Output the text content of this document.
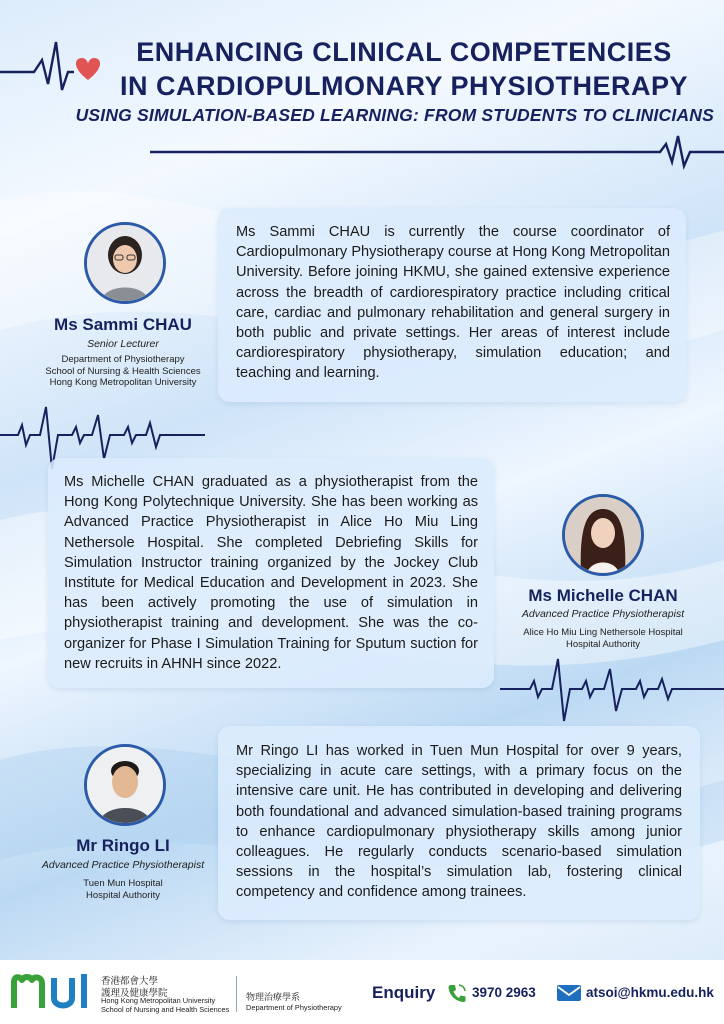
ENHANCING CLINICAL COMPETENCIES
IN CARDIOPULMONARY PHYSIOTHERAPY
USING SIMULATION-BASED LEARNING: FROM STUDENTS TO CLINICIANS

Ms Sammi CHAU is currently the course coordinator of Cardiopulmonary Physiotherapy course at Hong Kong Metropolitan University. Before joining HKMU, she gained extensive experience across the breadth of cardiorespiratory practice including critical care, cardiac and pulmonary rehabilitation and general surgery in both public and private settings. Her areas of interest include cardiorespiratory physiotherapy, simulation education; and teaching and learning.

Ms Sammi CHAU
Senior Lecturer
Department of Physiotherapy
School of Nursing & Health Sciences
Hong Kong Metropolitan University

Ms Michelle CHAN graduated as a physiotherapist from the Hong Kong Polytechnique University. She has been working as Advanced Practice Physiotherapist in Alice Ho Miu Ling Nethersole Hospital. She completed Debriefing Skills for Simulation Instructor training organized by the Jockey Club Institute for Medical Education and Development in 2023. She has been actively promoting the use of simulation in physiotherapist training and development. She was the co-organizer for Phase I Simulation Training for Sputum suction for new recruits in AHNH since 2022.

Ms Michelle CHAN
Advanced Practice Physiotherapist
Alice Ho Miu Ling Nethersole Hospital
Hospital Authority

Mr Ringo LI has worked in Tuen Mun Hospital for over 9 years, specializing in acute care settings, with a primary focus on the intensive care unit. He has contributed in developing and delivering both foundational and advanced simulation-based training programs to enhance cardiopulmonary physiotherapy skills among junior colleagues. He regularly conducts scenario-based simulation sessions in the hospital’s simulation lab, fostering clinical competency and confidence among trainees.

Mr Ringo LI
Advanced Practice Physiotherapist
Tuen Mun Hospital
Hospital Authority
香港都會大學
護理及健康學院
Hong Kong Metropolitan University
School of Nursing and Health Sciences
物理治療學系
Department of Physiotherapy
Enquiry	3970 2963	atsoi@hkmu.edu.hk
